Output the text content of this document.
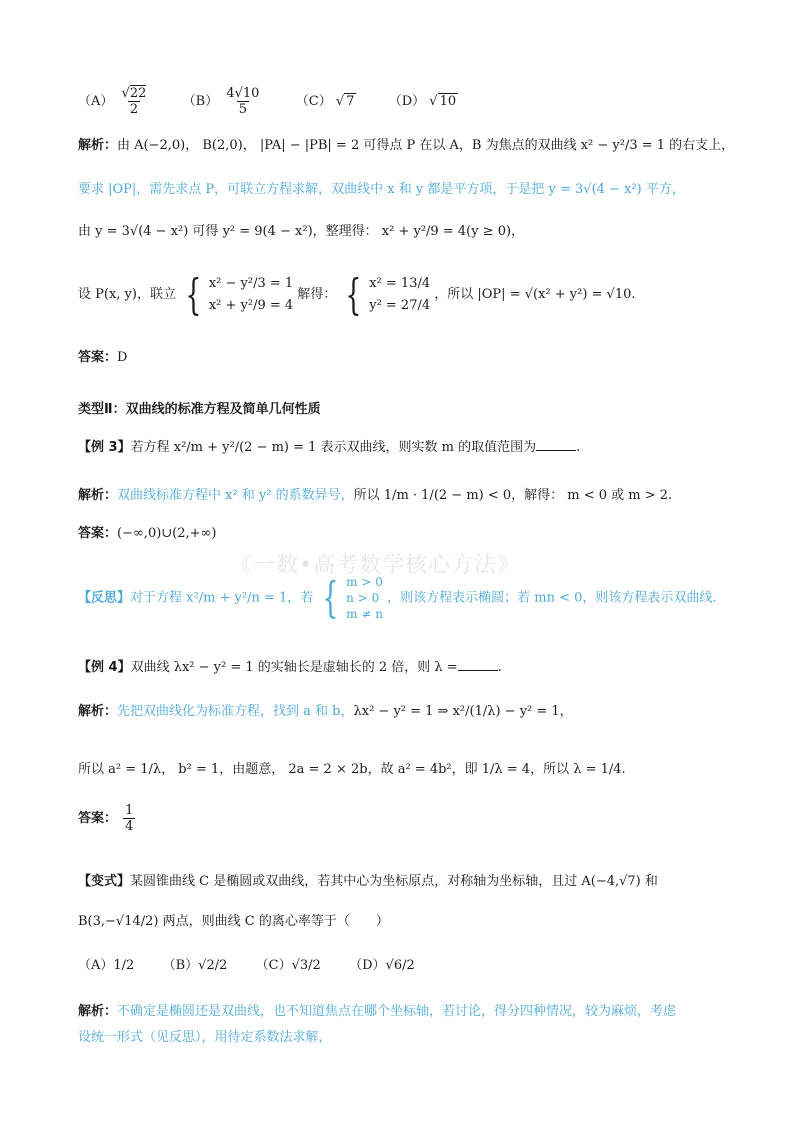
$(A) \frac{√22}{2}$	$(B) \frac{4√10}{5}$	（C） √ 7	（D） √ 10
解析：由 A(−2,0)， B(2,0)， |PA| − |PB| = 2 可得点 P 在以 A，B 为焦点的双曲线 x² − y²/3 = 1 的右支上，
要求 |OP|，需先求点 P，可联立方程求解，双曲线中 x 和 y 都是平方项，于是把 y = 3√(4 − x²) 平方，
由 y = 3√(4 − x²) 可得 y² = 9(4 − x²)，整理得： x² + y²/9 = 4(y ≥ 0)，
设 P(x, y)，联立 { x² − y²/3 = 1
x² + y²/9 = 4
解得： { x² = 13/4
y² = 27/4
，所以 |OP| = √(x² + y²) = √10.
答案：D
类型Ⅱ：双曲线的标准方程及简单几何性质
【例 3】若方程 x²/m + y²/(2 − m) = 1 表示双曲线，则实数 m 的取值范围为	.
解析：双曲线标准方程中 x² 和 y² 的系数异号，所以 1/m · 1/(2 − m) < 0，解得： m < 0 或 m > 2.
答案：(−∞,0)∪(2,+∞)
《一数•高考数学核心方法》
【反思】对于方程 x²/m + y²/n = 1，若 { m > 0
n > 0
m ≠ n
，则该方程表示椭圆；若 mn < 0，则该方程表示双曲线.
【例 4】双曲线 λx² − y² = 1 的实轴长是虚轴长的 2 倍，则 λ =	.
解析：先把双曲线化为标准方程，找到 a 和 b，λx² − y² = 1 ⇒ x²/(1/λ) − y² = 1，
所以 a² = 1/λ， b² = 1，由题意， 2a = 2 × 2b，故 a² = 4b²，即 1/λ = 4，所以 λ = 1/4.
答案： $\frac{1}{4}$
【变式】某圆锥曲线 C 是椭圆或双曲线，若其中心为坐标原点，对称轴为坐标轴，且过 A(−4,√7) 和
B(3,−√14/2) 两点，则曲线 C 的离心率等于（　　）
（A）1/2 （B）√2/2 （C）√3/2 （D）√6/2
解析：不确定是椭圆还是双曲线，也不知道焦点在哪个坐标轴，若讨论，得分四种情况，较为麻烦，考虑
设统一形式（见反思），用待定系数法求解，
